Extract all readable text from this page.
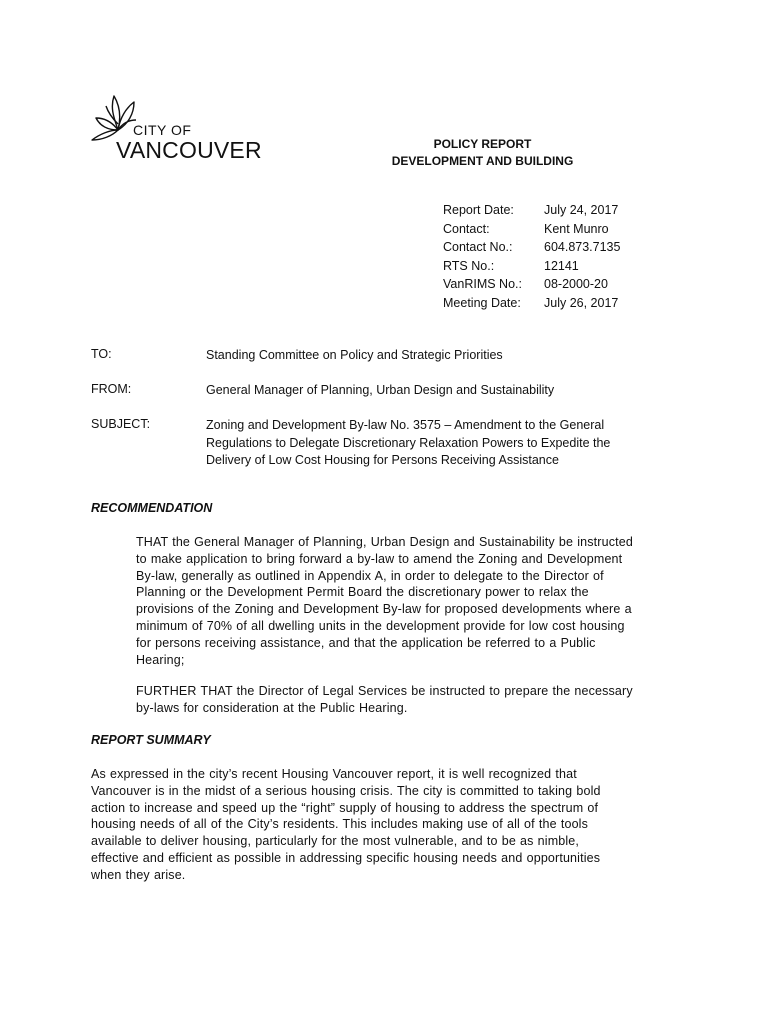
CITY OF
VANCOUVER	POLICY REPORT
DEVELOPMENT AND BUILDING
Report Date:	July 24, 2017
Contact:	Kent Munro
Contact No.:	604.873.7135
RTS No.:	12141
VanRIMS No.:	08-2000-20
Meeting Date:	July 26, 2017
TO:	Standing Committee on Policy and Strategic Priorities
FROM:	General Manager of Planning, Urban Design and Sustainability
SUBJECT:	Zoning and Development By-law No. 3575 – Amendment to the General
Regulations to Delegate Discretionary Relaxation Powers to Expedite the
Delivery of Low Cost Housing for Persons Receiving Assistance
RECOMMENDATION
THAT the General Manager of Planning, Urban Design and Sustainability be instructed
to make application to bring forward a by-law to amend the Zoning and Development
By-law, generally as outlined in Appendix A, in order to delegate to the Director of
Planning or the Development Permit Board the discretionary power to relax the
provisions of the Zoning and Development By-law for proposed developments where a
minimum of 70% of all dwelling units in the development provide for low cost housing
for persons receiving assistance, and that the application be referred to a Public
Hearing;
FURTHER THAT the Director of Legal Services be instructed to prepare the necessary
by-laws for consideration at the Public Hearing.
REPORT SUMMARY
As expressed in the city’s recent Housing Vancouver report, it is well recognized that
Vancouver is in the midst of a serious housing crisis. The city is committed to taking bold
action to increase and speed up the “right” supply of housing to address the spectrum of
housing needs of all of the City’s residents. This includes making use of all of the tools
available to deliver housing, particularly for the most vulnerable, and to be as nimble,
effective and efficient as possible in addressing specific housing needs and opportunities
when they arise.
